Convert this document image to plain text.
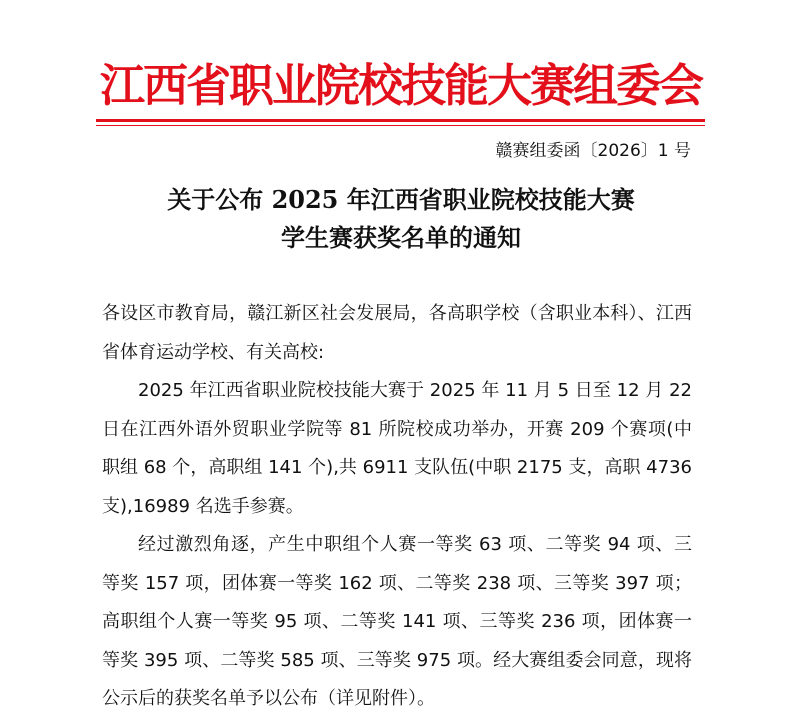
江西省职业院校技能大赛组委会
赣赛组委函〔2026〕1 号
关于公布 2025 年江西省职业院校技能大赛
学生赛获奖名单的通知

各设区市教育局，赣江新区社会发展局，各高职学校（含职业本科）、江西省体育运动学校、有关高校:

2025 年江西省职业院校技能大赛于 2025 年 11 月 5 日至 12 月 22 日在江西外语外贸职业学院等 81 所院校成功举办，开赛 209 个赛项(中职组 68 个，高职组 141 个),共 6911 支队伍(中职 2175 支，高职 4736 支),16989 名选手参赛。

经过激烈角逐，产生中职组个人赛一等奖 63 项、二等奖 94 项、三等奖 157 项，团体赛一等奖 162 项、二等奖 238 项、三等奖 397 项；高职组个人赛一等奖 95 项、二等奖 141 项、三等奖 236 项，团体赛一等奖 395 项、二等奖 585 项、三等奖 975 项。经大赛组委会同意，现将公示后的获奖名单予以公布（详见附件）。
